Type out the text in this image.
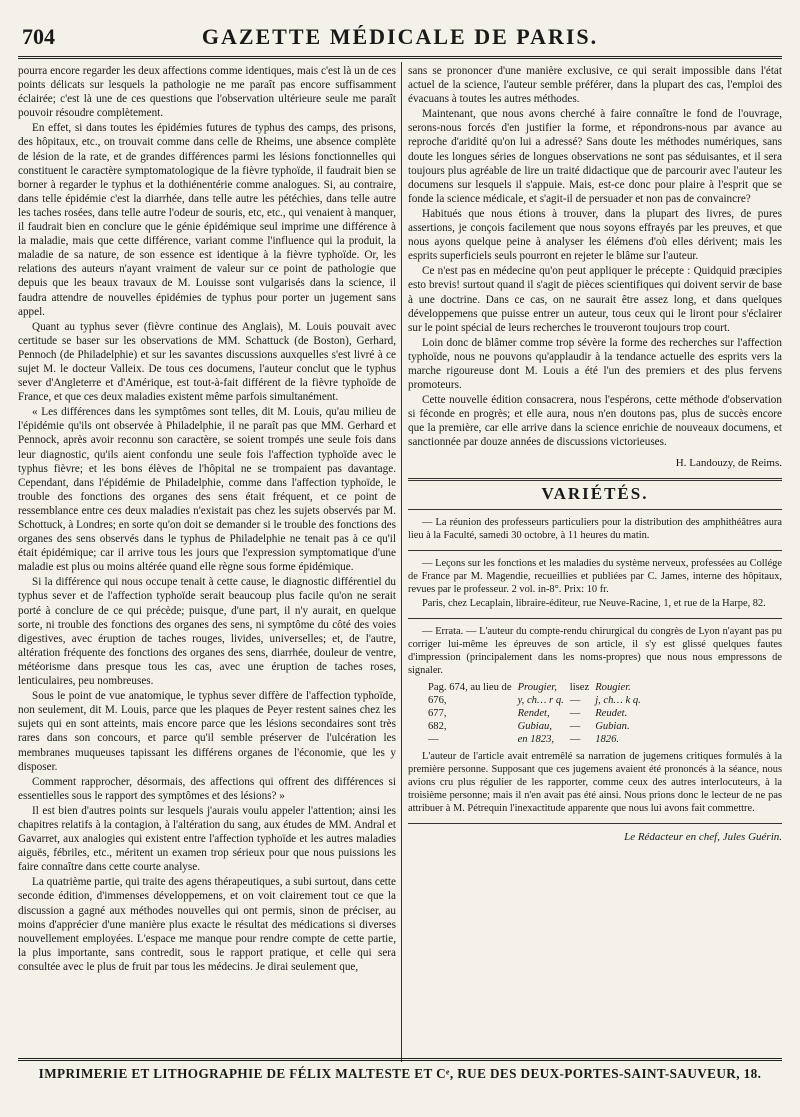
704	GAZETTE MÉDICALE DE PARIS.

pourra encore regarder les deux affections comme identiques, mais c'est là un de ces points délicats sur lesquels la pathologie ne me paraît pas encore suffisamment éclairée; c'est là une de ces questions que l'observation ultérieure seule me paraît pouvoir résoudre complètement.

En effet, si dans toutes les épidémies futures de typhus des camps, des prisons, des hôpitaux, etc., on trouvait comme dans celle de Rheims, une absence complète de lésion de la rate, et de grandes différences parmi les lésions fonctionnelles qui constituent le caractère symptomatologique de la fièvre typhoïde, il faudrait bien se borner à regarder le typhus et la dothiénentérie comme analogues. Si, au contraire, dans telle épidémie c'est la diarrhée, dans telle autre les pétéchies, dans telle autre les taches rosées, dans telle autre l'odeur de souris, etc, etc., qui venaient à manquer, il faudrait bien en conclure que le génie épidémique seul imprime une différence à la maladie, mais que cette différence, variant comme l'influence qui la produit, la maladie de sa nature, de son essence est identique à la fièvre typhoïde. Or, les relations des auteurs n'ayant vraiment de valeur sur ce point de pathologie que depuis que les beaux travaux de M. Louisse sont vulgarisés dans la science, il faudra attendre de nouvelles épidémies de typhus pour porter un jugement sans appel.

Quant au typhus sever (fièvre continue des Anglais), M. Louis pouvait avec certitude se baser sur les observations de MM. Schattuck (de Boston), Gerhard, Pennoch (de Philadelphie) et sur les savantes discussions auxquelles s'est livré à ce sujet M. le docteur Valleix. De tous ces documens, l'auteur conclut que le typhus sever d'Angleterre et d'Amérique, est tout-à-fait différent de la fièvre typhoïde de France, et que ces deux maladies existent même parfois simultanément.

« Les différences dans les symptômes sont telles, dit M. Louis, qu'au milieu de l'épidémie qu'ils ont observée à Philadelphie, il ne paraît pas que MM. Gerhard et Pennock, après avoir reconnu son caractère, se soient trompés une seule fois dans leur diagnostic, qu'ils aient confondu une seule fois l'affection typhoïde avec le typhus fièvre; et les bons élèves de l'hôpital ne se trompaient pas davantage. Cependant, dans l'épidémie de Philadelphie, comme dans l'affection typhoïde, le trouble des fonctions des organes des sens était fréquent, et ce point de ressemblance entre ces deux maladies n'existait pas chez les sujets observés par M. Schottuck, à Londres; en sorte qu'on doit se demander si le trouble des fonctions des organes des sens observés dans le typhus de Philadelphie ne tenait pas à ce qu'il était épidémique; car il arrive tous les jours que l'expression symptomatique d'une maladie est plus ou moins altérée quand elle règne sous forme épidémique.

Si la différence qui nous occupe tenait à cette cause, le diagnostic différentiel du typhus sever et de l'affection typhoïde serait beaucoup plus facile qu'on ne serait porté à conclure de ce qui précède; puisque, d'une part, il n'y aurait, en quelque sorte, ni trouble des fonctions des organes des sens, ni symptôme du côté des voies digestives, avec éruption de taches rouges, livides, universelles; et, de l'autre, altération fréquente des fonctions des organes des sens, diarrhée, douleur de ventre, météorisme dans presque tous les cas, avec une éruption de taches roses, lenticulaires, peu nombreuses.

Sous le point de vue anatomique, le typhus sever diffère de l'affection typhoïde, non seulement, dit M. Louis, parce que les plaques de Peyer restent saines chez les sujets qui en sont atteints, mais encore parce que les lésions secondaires sont très rares dans son concours, et parce qu'il semble préserver de l'ulcération les membranes muqueuses tapissant les différens organes de l'économie, que les y disposer.

Comment rapprocher, désormais, des affections qui offrent des différences si essentielles sous le rapport des symptômes et des lésions? »

Il est bien d'autres points sur lesquels j'aurais voulu appeler l'attention; ainsi les chapitres relatifs à la contagion, à l'altération du sang, aux études de MM. Andral et Gavarret, aux analogies qui existent entre l'affection typhoïde et les autres maladies aiguës, fébriles, etc., méritent un examen trop sérieux pour que nous puissions les faire connaître dans cette courte analyse.

La quatrième partie, qui traite des agens thérapeutiques, a subi surtout, dans cette seconde édition, d'immenses développemens, et on voit clairement tout ce que la discussion a gagné aux méthodes nouvelles qui ont permis, sinon de préciser, au moins d'apprécier d'une manière plus exacte le résultat des médications si diverses nouvellement employées. L'espace me manque pour rendre compte de cette partie, la plus importante, sans contredit, sous le rapport pratique, et celle qui sera consultée avec le plus de fruit par tous les médecins. Je dirai seulement que,

sans se prononcer d'une manière exclusive, ce qui serait impossible dans l'état actuel de la science, l'auteur semble préférer, dans la plupart des cas, l'emploi des évacuans à toutes les autres méthodes.

Maintenant, que nous avons cherché à faire connaître le fond de l'ouvrage, serons-nous forcés d'en justifier la forme, et répondrons-nous par avance au reproche d'aridité qu'on lui a adressé? Sans doute les méthodes numériques, sans doute les longues séries de longues observations ne sont pas séduisantes, et il sera toujours plus agréable de lire un traité didactique que de parcourir avec l'auteur les documens sur lesquels il s'appuie. Mais, est-ce donc pour plaire à l'esprit que se fonde la science médicale, et s'agit-il de persuader et non pas de convaincre?

Habitués que nous étions à trouver, dans la plupart des livres, de pures assertions, je conçois facilement que nous soyons effrayés par les preuves, et que nous ayons quelque peine à analyser les élémens d'où elles dérivent; mais les esprits superficiels seuls pourront en rejeter le blâme sur l'auteur.

Ce n'est pas en médecine qu'on peut appliquer le précepte : Quidquid præcipies esto brevis! surtout quand il s'agit de pièces scientifiques qui doivent servir de base à une doctrine. Dans ce cas, on ne saurait être assez long, et dans quelques développemens que puisse entrer un auteur, tous ceux qui le liront pour s'éclairer sur le point spécial de leurs recherches le trouveront toujours trop court.

Loin donc de blâmer comme trop sévère la forme des recherches sur l'affection typhoïde, nous ne pouvons qu'applaudir à la tendance actuelle des esprits vers la marche rigoureuse dont M. Louis a été l'un des premiers et des plus fervens promoteurs.

Cette nouvelle édition consacrera, nous l'espérons, cette méthode d'observation si féconde en progrès; et elle aura, nous n'en doutons pas, plus de succès encore que la première, car elle arrive dans la science enrichie de nouveaux documens, et sanctionnée par douze années de discussions victorieuses.

H. Landouzy, de Reims.

VARIÉTÉS.

— La réunion des professeurs particuliers pour la distribution des amphithéâtres aura lieu à la Faculté, samedi 30 octobre, à 11 heures du matin.

— Leçons sur les fonctions et les maladies du système nerveux, professées au Collége de France par M. Magendie, recueillies et publiées par C. James, interne des hôpitaux, revues par le professeur. 2 vol. in-8°. Prix: 10 fr.

Paris, chez Lecaplain, libraire-éditeur, rue Neuve-Racine, 1, et rue de la Harpe, 82.

— Errata. — L'auteur du compte-rendu chirurgical du congrès de Lyon n'ayant pas pu corriger lui-même les épreuves de son article, il s'y est glissé quelques fautes d'impression (principalement dans les noms-propres) que nous nous empressons de signaler.

Pag. 674, au lieu de	Prougier,	lisez	Rougier.
676,	y, ch… r q.	—	j, ch… k q.
677,	Rendet,	—	Reudet.
682,	Gubiau,	—	Gubian.
—	en 1823,	—	1826.

L'auteur de l'article avait entremêlé sa narration de jugemens critiques formulés à la première personne. Supposant que ces jugemens avaient été prononcés à la séance, nous avions cru plus régulier de les rapporter, comme ceux des autres interlocuteurs, à la troisième personne; mais il n'en avait pas été ainsi. Nous prions donc le lecteur de ne pas attribuer à M. Pétrequin l'inexactitude apparente que nous lui avons fait commettre.

Le Rédacteur en chef, Jules Guérin.

IMPRIMERIE ET LITHOGRAPHIE DE FÉLIX MALTESTE ET Cᵉ, RUE DES DEUX-PORTES-SAINT-SAUVEUR, 18.
